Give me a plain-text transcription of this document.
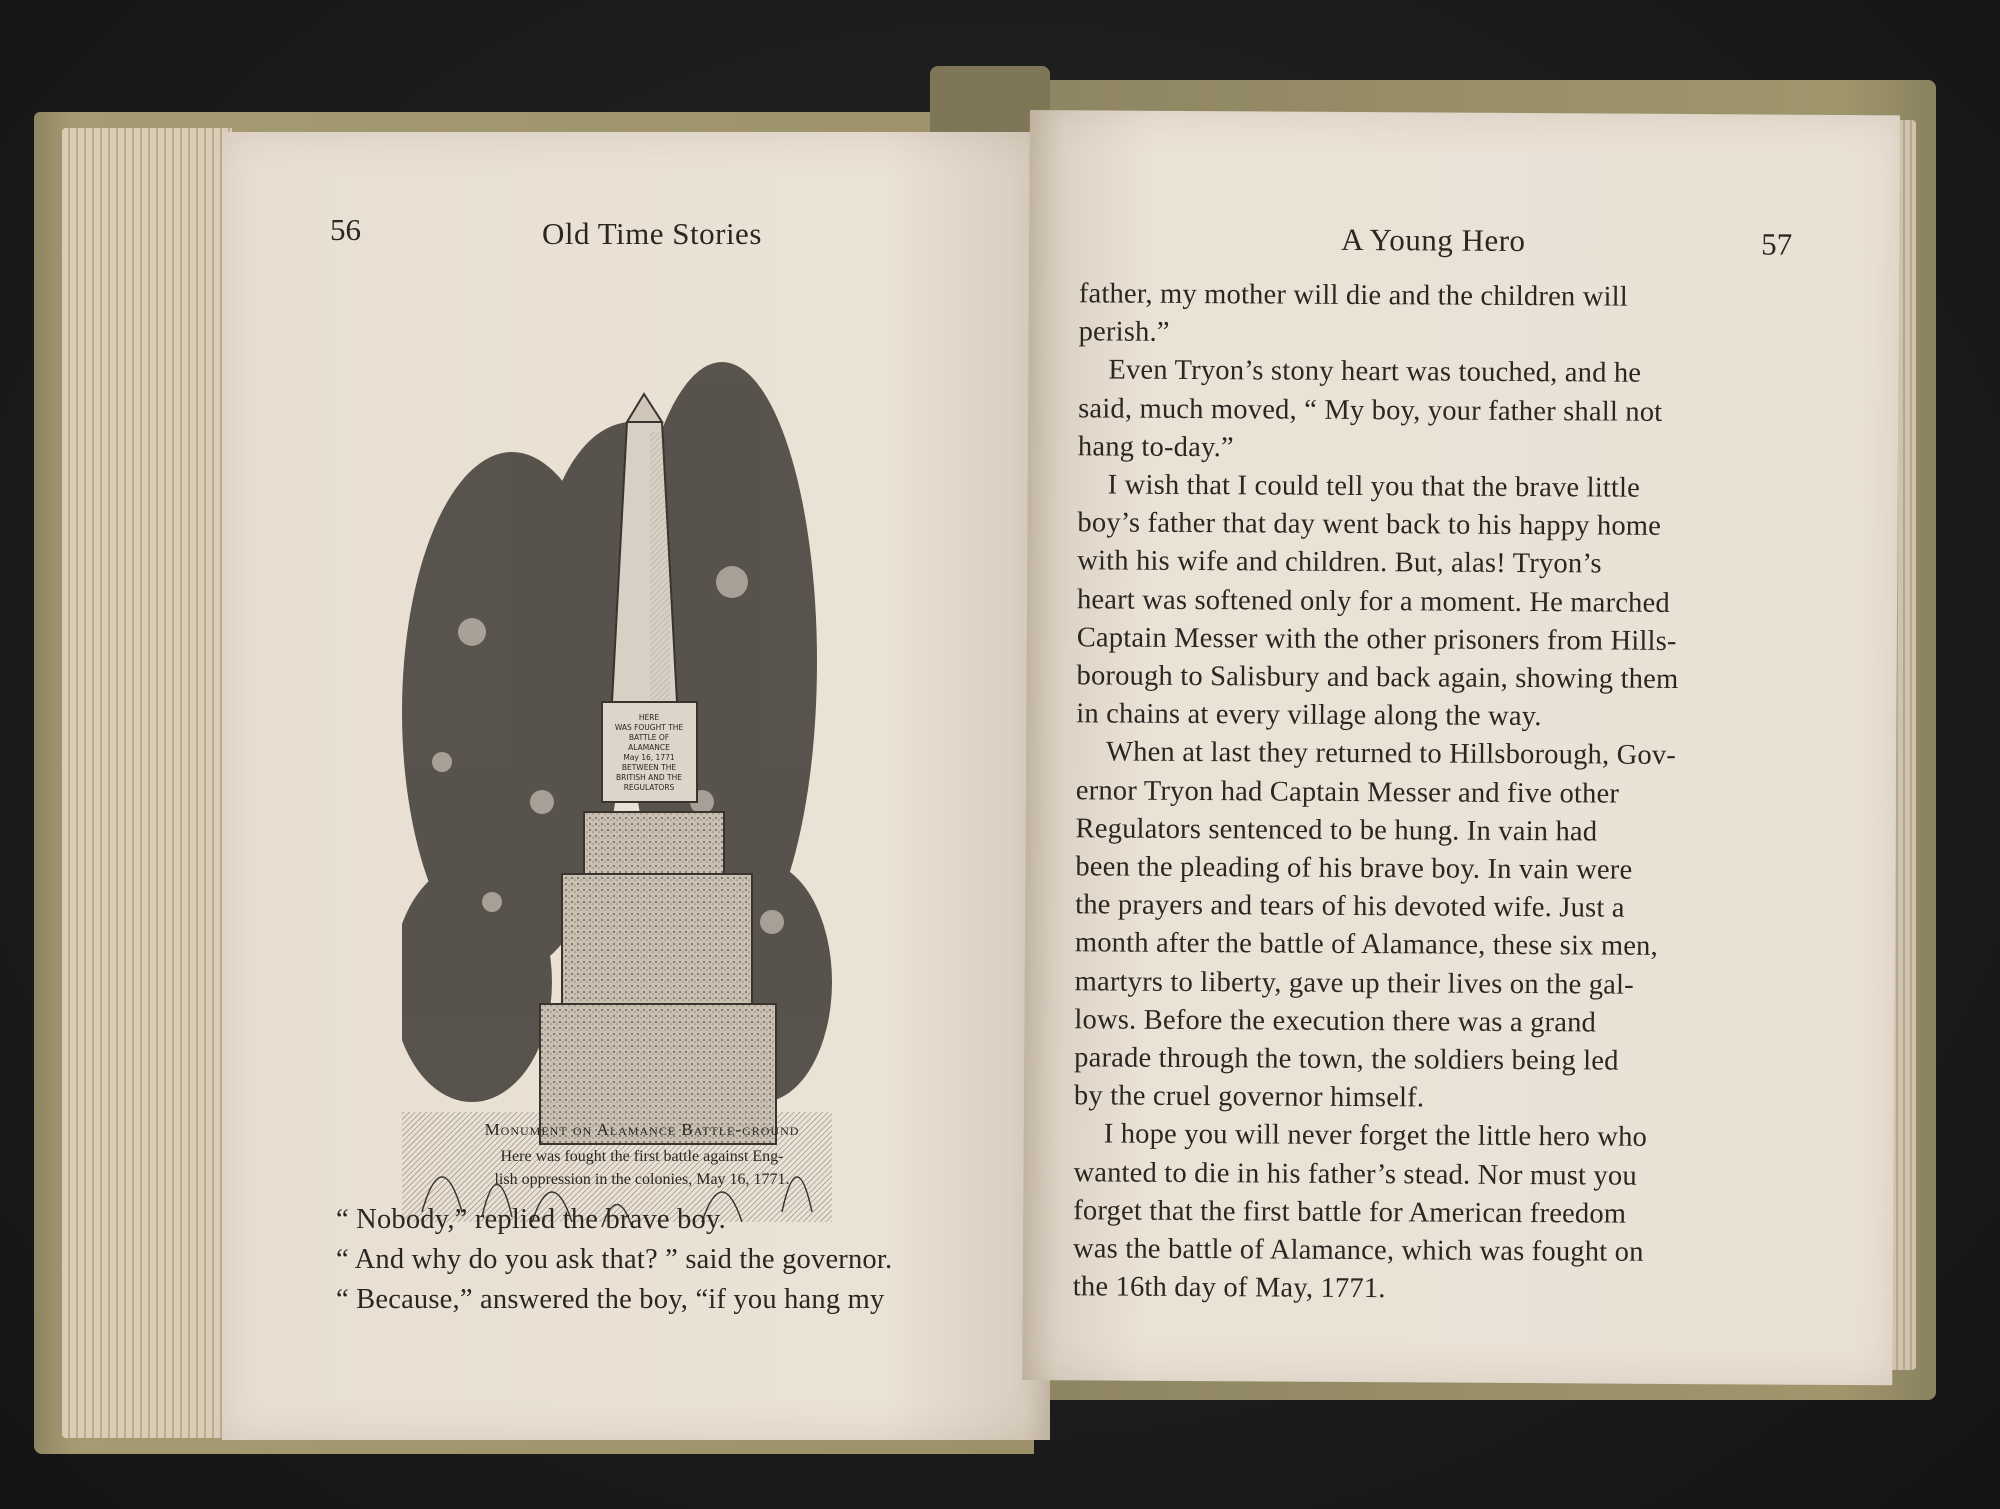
56	Old Time Stories
HERE
WAS FOUGHT THE
BATTLE OF
ALAMANCE
May 16, 1771
BETWEEN THE
BRITISH AND THE
REGULATORS
Monument on Alamance Battle-ground
Here was fought the first battle against Eng-
lish oppression in the colonies, May 16, 1771.
“ Nobody,” replied the brave boy.
“ And why do you ask that? ” said the governor.
“ Because,” answered the boy, “if you hang my
A Young Hero	57
father, my mother will die and the children will
perish.”
Even Tryon’s stony heart was touched, and he
said, much moved, “ My boy, your father shall not
hang to-day.”
I wish that I could tell you that the brave little
boy’s father that day went back to his happy home
with his wife and children. But, alas! Tryon’s
heart was softened only for a moment. He marched
Captain Messer with the other prisoners from Hills-
borough to Salisbury and back again, showing them
in chains at every village along the way.
When at last they returned to Hillsborough, Gov-
ernor Tryon had Captain Messer and five other
Regulators sentenced to be hung. In vain had
been the pleading of his brave boy. In vain were
the prayers and tears of his devoted wife. Just a
month after the battle of Alamance, these six men,
martyrs to liberty, gave up their lives on the gal-
lows. Before the execution there was a grand
parade through the town, the soldiers being led
by the cruel governor himself.
I hope you will never forget the little hero who
wanted to die in his father’s stead. Nor must you
forget that the first battle for American freedom
was the battle of Alamance, which was fought on
the 16th day of May, 1771.
